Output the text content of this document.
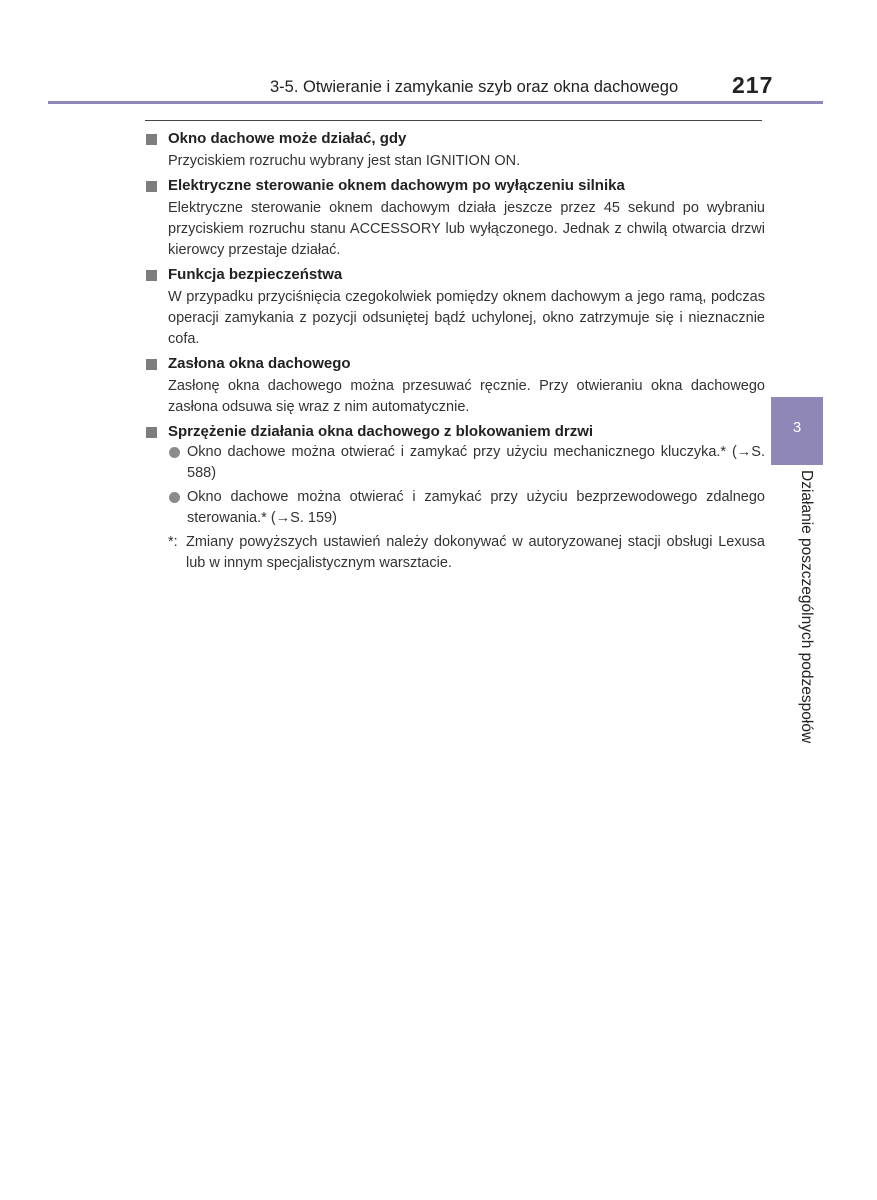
3-5. Otwieranie i zamykanie szyb oraz okna dachowego 217
Okno dachowe może działać, gdy

Przyciskiem rozruchu wybrany jest stan IGNITION ON.

Elektryczne sterowanie oknem dachowym po wyłączeniu silnika

Elektryczne sterowanie oknem dachowym działa jeszcze przez 45 sekund po wybraniu przyciskiem rozruchu stanu ACCESSORY lub wyłączonego. Jednak z chwilą otwarcia drzwi kierowcy przestaje działać.

Funkcja bezpieczeństwa

W przypadku przyciśnięcia czegokolwiek pomiędzy oknem dachowym a jego ramą, podczas operacji zamykania z pozycji odsuniętej bądź uchylonej, okno zatrzymuje się i nieznacznie cofa.

Zasłona okna dachowego

Zasłonę okna dachowego można przesuwać ręcznie. Przy otwieraniu okna dachowego zasłona odsuwa się wraz z nim automatycznie.

Sprzężenie działania okna dachowego z blokowaniem drzwi
Okno dachowe można otwierać i zamykać przy użyciu mechanicznego kluczyka.* (→S. 588)
Okno dachowe można otwierać i zamykać przy użyciu bezprzewodowego zdalnego sterowania.* (→S. 159)
*: Zmiany powyższych ustawień należy dokonywać w autoryzowanej stacji obsługi Lexusa lub w innym specjalistycznym warsztacie.
3
Działanie poszczególnych podzespołów
